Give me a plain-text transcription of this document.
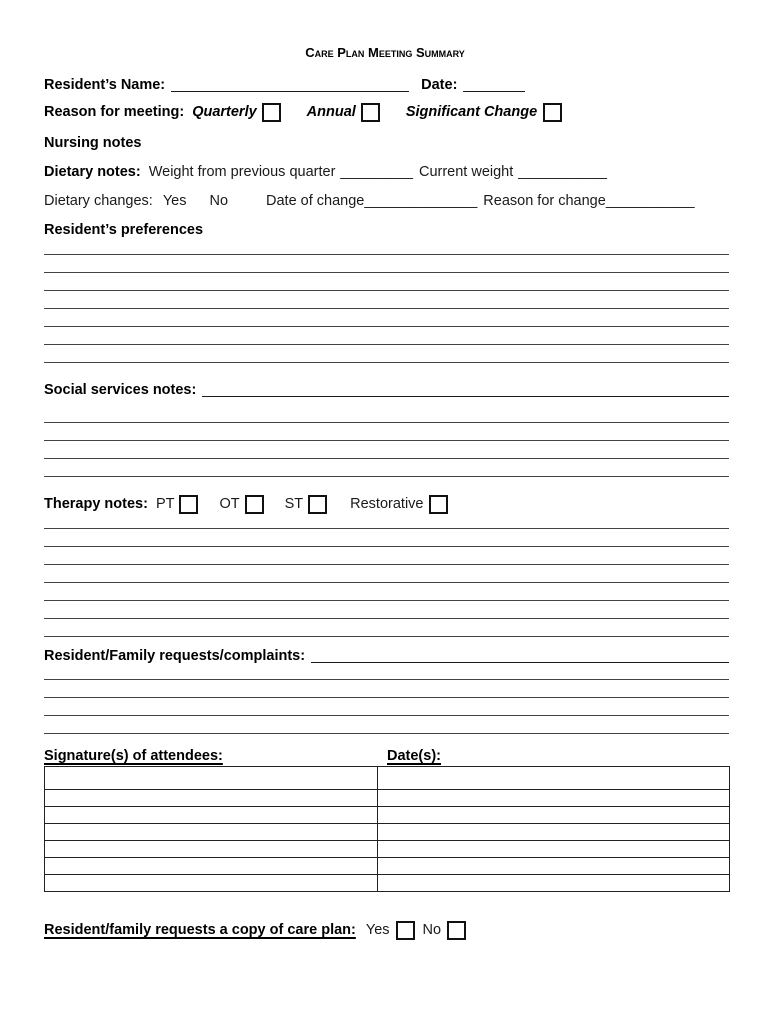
Care Plan Meeting Summary
Resident’s Name:	Date:
Reason for meeting: Quarterly	Annual	Significant Change
Nursing notes
Dietary notes: Weight from previous quarter _________ Current weight ___________
Dietary changes: Yes No	Date of change ______________ Reason for change ___________
Resident’s preferences
Social services notes:
Therapy notes: PT	OT	ST	Restorative
Resident/Family requests/complaints:
Signature(s) of attendees:	Date(s):

Resident/family requests a copy of care plan: Yes No
